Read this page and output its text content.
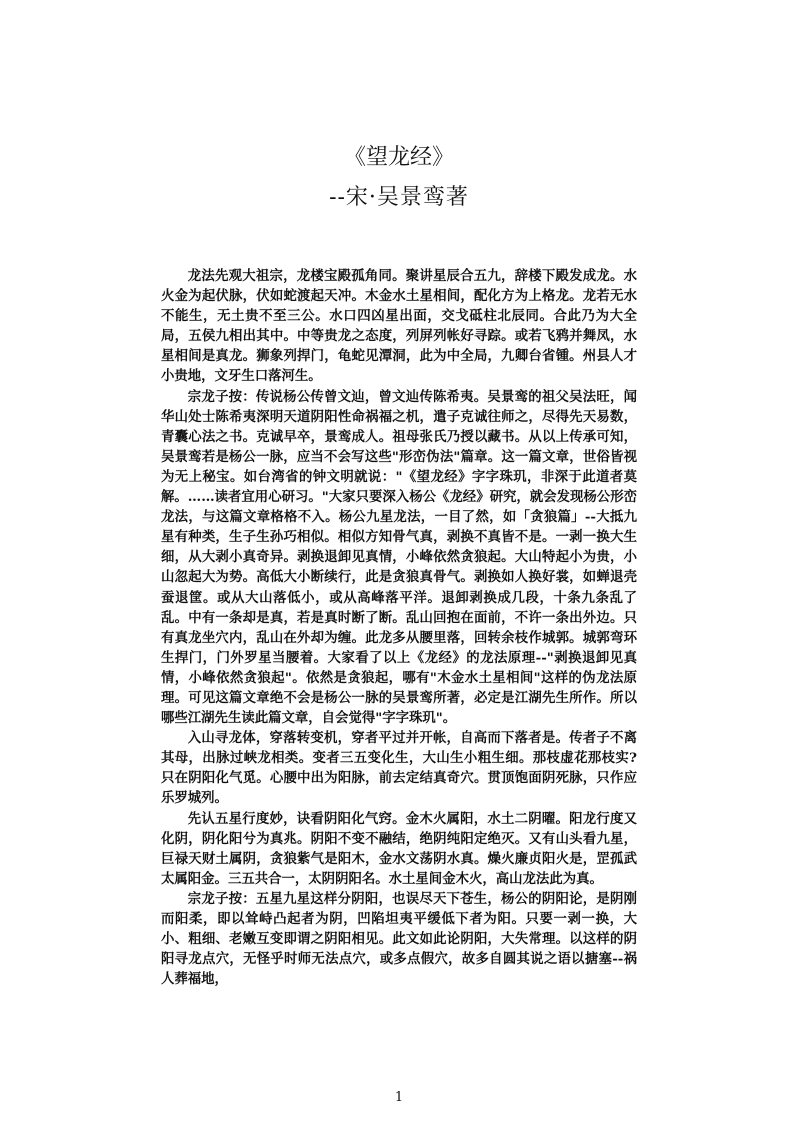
《望龙经》
--宋·吴景鸾著

龙法先观大祖宗，龙楼宝殿孤角同。聚讲星辰合五九，辞楼下殿发成龙。水火金为起伏脉，伏如蛇渡起天冲。木金水土星相间，配化方为上格龙。龙若无水不能生，无土贵不至三公。水口四凶星出面，交戈砥柱北辰同。合此乃为大全局，五侯九相出其中。中等贵龙之态度，列屏列帐好寻踪。或若飞鸦并舞凤，水星相间是真龙。狮象列捍门，龟蛇见潭洞，此为中全局，九卿台省锺。州县人才小贵地，文牙生口落河生。

宗龙子按：传说杨公传曾文辿，曾文辿传陈希夷。吴景鸾的祖父吴法旺，闻华山处士陈希夷深明天道阴阳性命祸福之机，遣子克诚往师之，尽得先天易数，青囊心法之书。克诚早卒，景鸾成人。祖母张氏乃授以藏书。从以上传承可知，吴景鸾若是杨公一脉，应当不会写这些"形峦伪法"篇章。这一篇文章，世俗皆视为无上秘宝。如台湾省的钟文明就说："《望龙经》字字珠玑，非深于此道者莫解。……读者宜用心研习。"大家只要深入杨公《龙经》研究，就会发现杨公形峦龙法，与这篇文章格格不入。杨公九星龙法，一目了然，如「贪狼篇」--大抵九星有种类，生子生孙巧相似。相似方知骨气真，剥换不真皆不是。一剥一换大生细，从大剥小真奇异。剥换退卸见真情，小峰依然贪狼起。大山特起小为贵，小山忽起大为势。高低大小断续行，此是贪狼真骨气。剥换如人换好裳，如蝉退壳蚕退筐。或从大山落低小，或从高峰落平洋。退卸剥换成几段，十条九条乱了乱。中有一条却是真，若是真时断了断。乱山回抱在面前，不许一条出外边。只有真龙坐穴内，乱山在外却为缠。此龙多从腰里落，回转余枝作城郭。城郭弯环生捍门，门外罗星当腰着。大家看了以上《龙经》的龙法原理--"剥换退卸见真情，小峰依然贪狼起"。依然是贪狼起，哪有"木金水土星相间"这样的伪龙法原理。可见这篇文章绝不会是杨公一脉的吴景鸾所著，必定是江湖先生所作。所以哪些江湖先生读此篇文章，自会觉得"字字珠玑"。

入山寻龙体，穿落转变机，穿者平过并开帐，自高而下落者是。传者子不离其母，出脉过峡龙相类。变者三五变化生，大山生小粗生细。那枝虚花那枝实?只在阴阳化气觅。心腰中出为阳脉，前去定结真奇穴。贯顶饱面阴死脉，只作应乐罗城列。

先认五星行度妙，诀看阴阳化气窍。金木火属阳，水土二阴曜。阳龙行度又化阴，阴化阳兮为真兆。阴阳不变不融结，绝阴纯阳定绝灭。又有山头看九星，巨禄天财土属阴，贪狼紫气是阳木，金水文荡阴水真。燥火廉贞阳火是，罡孤武太属阳金。三五共合一，太阴阴阳名。水土星间金木火，高山龙法此为真。

宗龙子按：五星九星这样分阴阳，也误尽天下苍生，杨公的阴阳论，是阴刚而阳柔，即以耸峙凸起者为阴，凹陷坦夷平缓低下者为阳。只要一剥一换，大小、粗细、老嫩互变即谓之阴阳相见。此文如此论阴阳，大失常理。以这样的阴阳寻龙点穴，无怪乎时师无法点穴，或多点假穴，故多自圆其说之语以搪塞--祸人葬福地，

1
